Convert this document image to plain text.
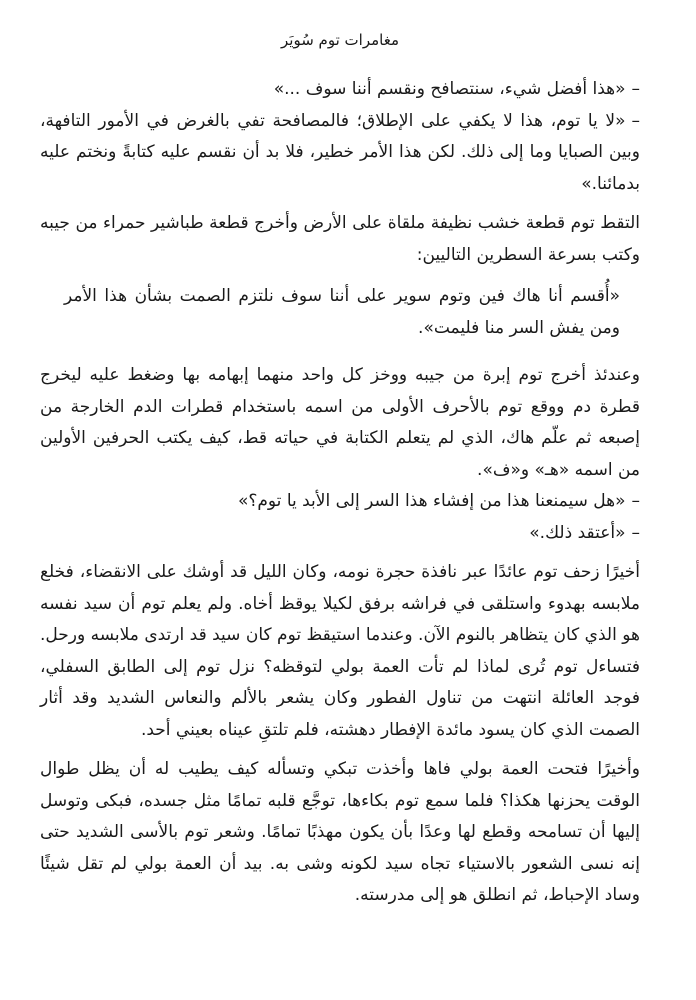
مغامرات توم سُويَر

–«هذا أفضل شيء، سنتصافح ونقسم أننا سوف ...»

–«لا يا توم، هذا لا يكفي على الإطلاق؛ فالمصافحة تفي بالغرض في الأمور التافهة، وبين الصبايا وما إلى ذلك. لكن هذا الأمر خطير، فلا بد أن نقسم عليه كتابةً ونختم عليه بدمائنا.»

التقط توم قطعة خشب نظيفة ملقاة على الأرض وأخرج قطعة طباشير حمراء من جيبه وكتب بسرعة السطرين التاليين:

«أُقسم أنا هاك فين وتوم سوير على أننا سوف نلتزم الصمت بشأن هذا الأمر ومن يفش السر منا فليمت».

وعندئذ أخرج توم إبرة من جيبه ووخز كل واحد منهما إبهامه بها وضغط عليه ليخرج قطرة دم ووقع توم بالأحرف الأولى من اسمه باستخدام قطرات الدم الخارجة من إصبعه ثم علّم هاك، الذي لم يتعلم الكتابة في حياته قط، كيف يكتب الحرفين الأولين من اسمه «هـ» و«ف».

–«هل سيمنعنا هذا من إفشاء هذا السر إلى الأبد يا توم؟»

–«أعتقد ذلك.»

أخيرًا زحف توم عائدًا عبر نافذة حجرة نومه، وكان الليل قد أوشك على الانقضاء، فخلع ملابسه بهدوء واستلقى في فراشه برفق لكيلا يوقظ أخاه. ولم يعلم توم أن سيد نفسه هو الذي كان يتظاهر بالنوم الآن. وعندما استيقظ توم كان سيد قد ارتدى ملابسه ورحل. فتساءل توم تُرى لماذا لم تأت العمة بولي لتوقظه؟ نزل توم إلى الطابق السفلي، فوجد العائلة انتهت من تناول الفطور وكان يشعر بالألم والنعاس الشديد وقد أثار الصمت الذي كان يسود مائدة الإفطار دهشته، فلم تلتقِ عيناه بعيني أحد.

وأخيرًا فتحت العمة بولي فاها وأخذت تبكي وتسأله كيف يطيب له أن يظل طوال الوقت يحزنها هكذا؟ فلما سمع توم بكاءها، توجَّع قلبه تمامًا مثل جسده، فبكى وتوسل إليها أن تسامحه وقطع لها وعدًا بأن يكون مهذبًا تمامًا. وشعر توم بالأسى الشديد حتى إنه نسى الشعور بالاستياء تجاه سيد لكونه وشى به. بيد أن العمة بولي لم تقل شيئًا وساد الإحباط، ثم انطلق هو إلى مدرسته.
